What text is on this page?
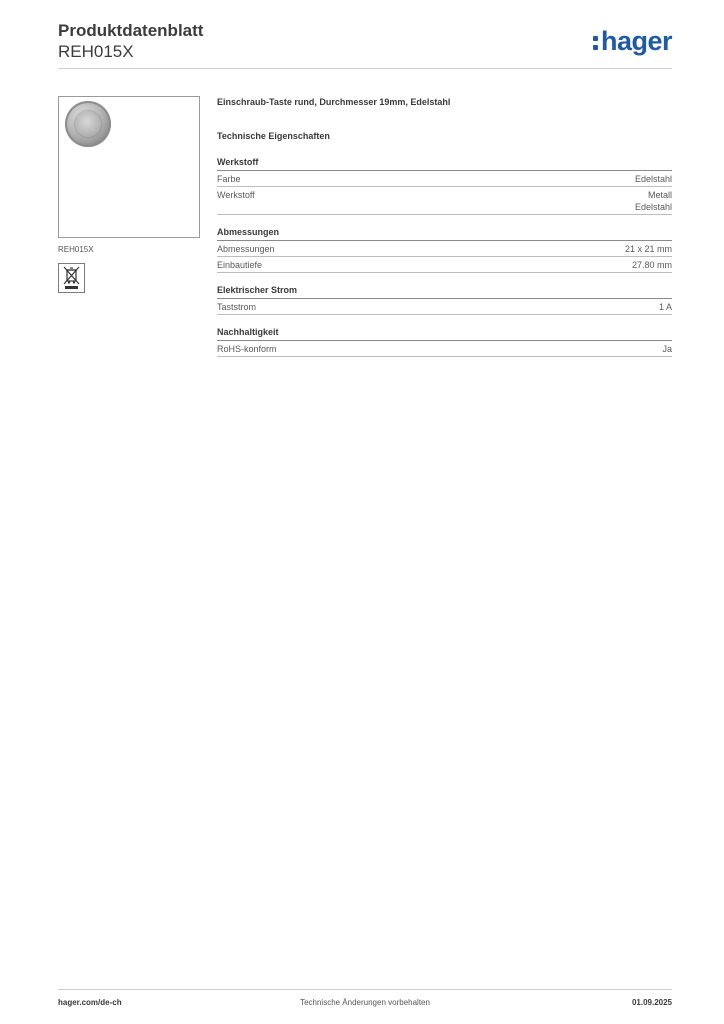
Produktdatenblatt
REH015X	hager
REH015X
Einschraub-Taste rund, Durchmesser 19mm, Edelstahl
Technische Eigenschaften
Werkstoff
Farbe	Edelstahl
Werkstoff	Metall
Edelstahl
Abmessungen
Abmessungen	21 x 21 mm
Einbautiefe	27.80 mm
Elektrischer Strom
Taststrom	1 A
Nachhaltigkeit
RoHS-konform	Ja
hager.com/de-ch	Technische Änderungen vorbehalten	01.09.2025
